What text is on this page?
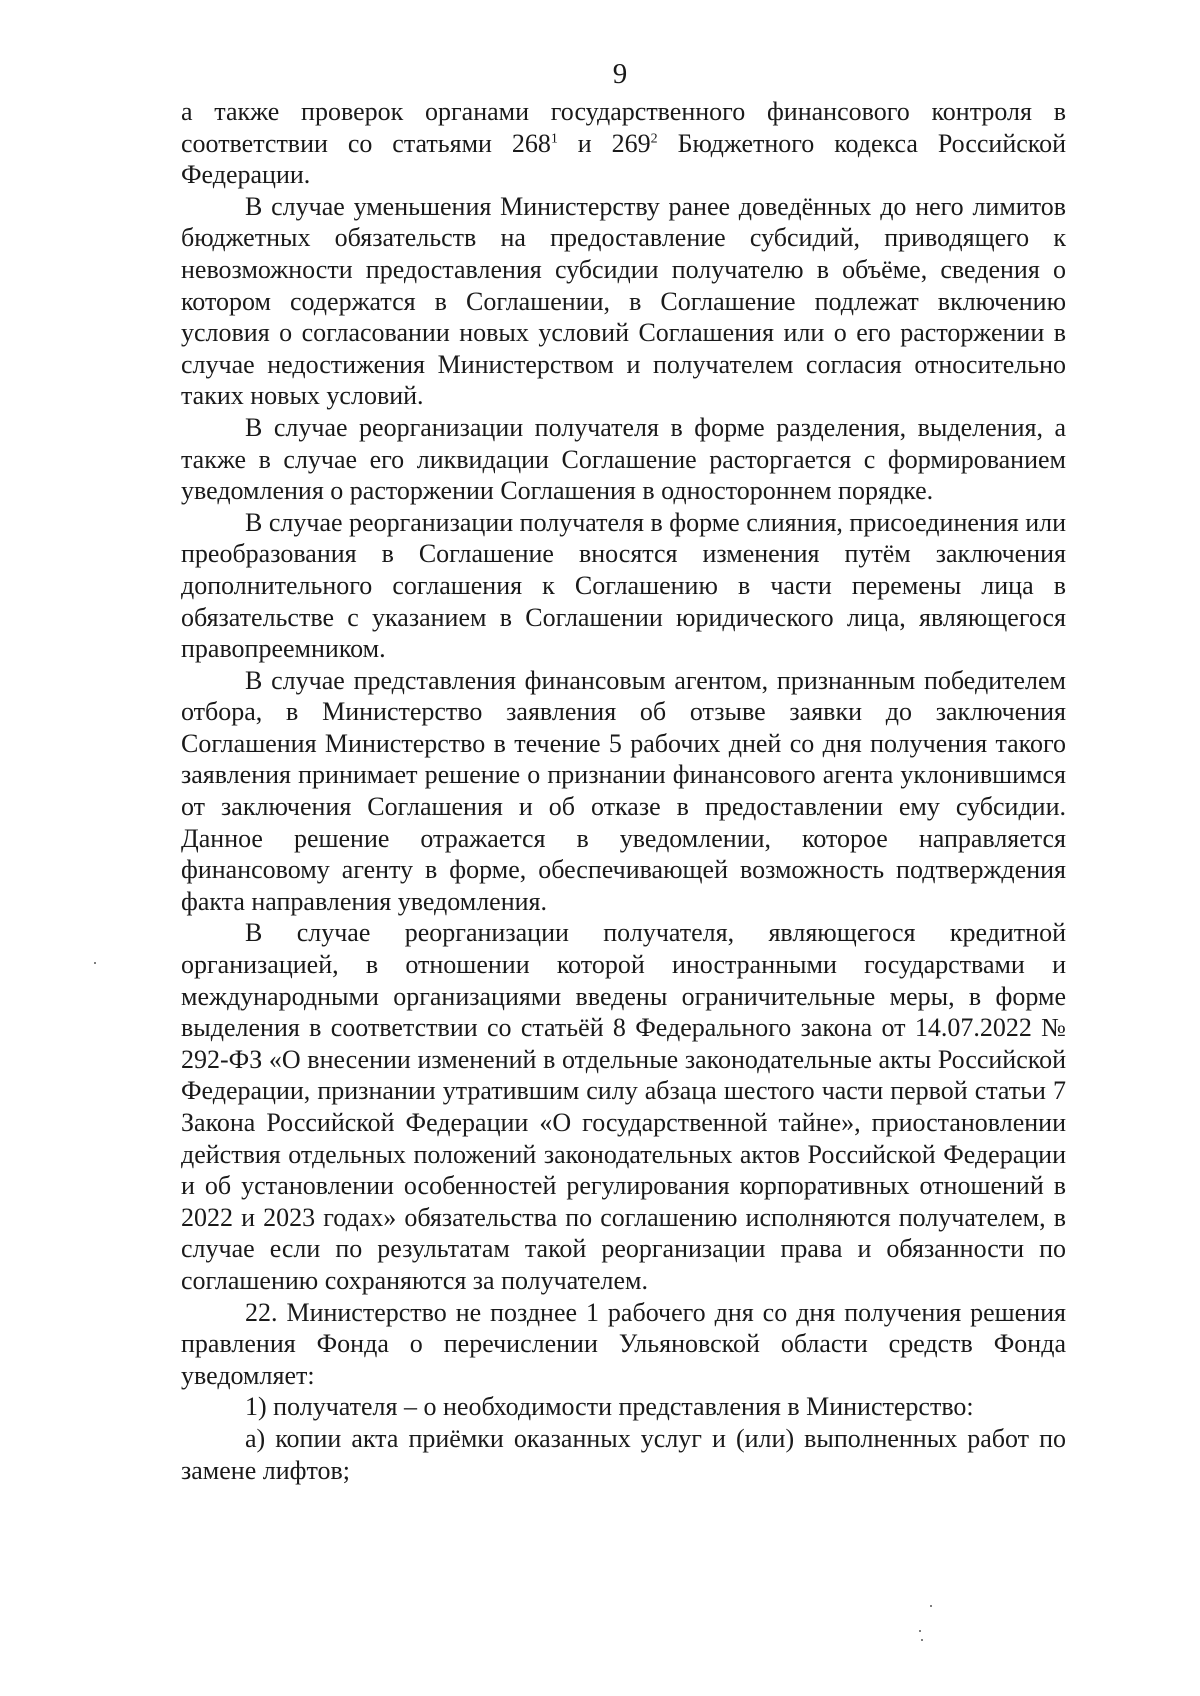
9

а также проверок органами государственного финансового контроля в соответствии со статьями $268^1$ и $269^2$ Бюджетного кодекса Российской Федерации.

В случае уменьшения Министерству ранее доведённых до него лимитов бюджетных обязательств на предоставление субсидий, приводящего к невозможности предоставления субсидии получателю в объёме, сведения о котором содержатся в Соглашении, в Соглашение подлежат включению условия о согласовании новых условий Соглашения или о его расторжении в случае недостижения Министерством и получателем согласия относительно таких новых условий.

В случае реорганизации получателя в форме разделения, выделения, а также в случае его ликвидации Соглашение расторгается с формированием уведомления о расторжении Соглашения в одностороннем порядке.

В случае реорганизации получателя в форме слияния, присоединения или преобразования в Соглашение вносятся изменения путём заключения дополнительного соглашения к Соглашению в части перемены лица в обязательстве с указанием в Соглашении юридического лица, являющегося правопреемником.

В случае представления финансовым агентом, признанным победителем отбора, в Министерство заявления об отзыве заявки до заключения Соглашения Министерство в течение 5 рабочих дней со дня получения такого заявления принимает решение о признании финансового агента уклонившимся от заключения Соглашения и об отказе в предоставлении ему субсидии. Данное решение отражается в уведомлении, которое направляется финансовому агенту в форме, обеспечивающей возможность подтверждения факта направления уведомления.

В случае реорганизации получателя, являющегося кредитной организацией, в отношении которой иностранными государствами и международными организациями введены ограничительные меры, в форме выделения в соответствии со статьёй 8 Федерального закона от 14.07.2022 № 292-ФЗ «О внесении изменений в отдельные законодательные акты Российской Федерации, признании утратившим силу абзаца шестого части первой статьи 7 Закона Российской Федерации «О государственной тайне», приостановлении действия отдельных положений законодательных актов Российской Федерации и об установлении особенностей регулирования корпоративных отношений в 2022 и 2023 годах» обязательства по соглашению исполняются получателем, в случае если по результатам такой реорганизации права и обязанности по соглашению сохраняются за получателем.

22. Министерство не позднее 1 рабочего дня со дня получения решения правления Фонда о перечислении Ульяновской области средств Фонда уведомляет:

1) получателя – о необходимости представления в Министерство:

а) копии акта приёмки оказанных услуг и (или) выполненных работ по замене лифтов;
